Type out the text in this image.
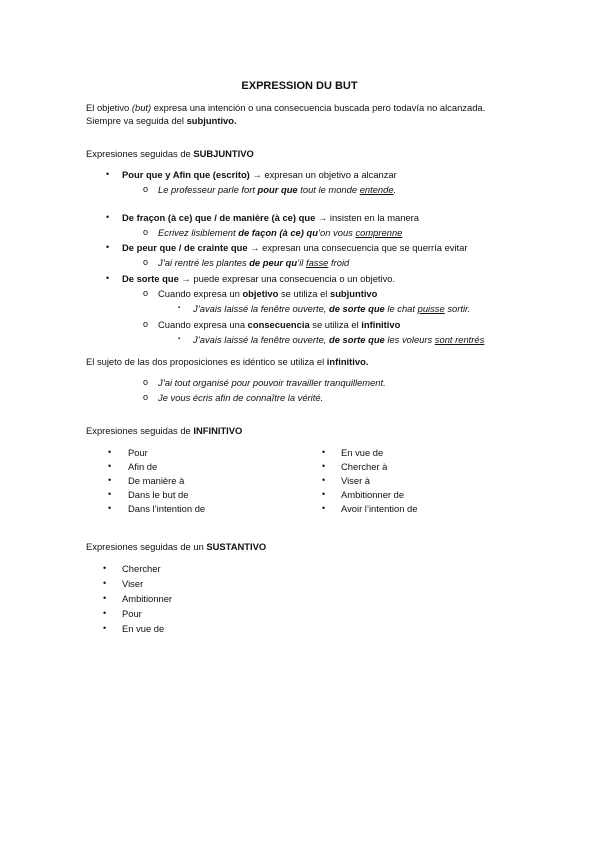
EXPRESSION DU BUT
El objetivo (but) expresa una intención o una consecuencia buscada pero todavía no alcanzada.
Siempre va seguida del subjuntivo.
Expresiones seguidas de SUBJUNTIVO
• Pour que y Afin que (escrito) → expresan un objetivo a alcanzar
o Le professeur parle fort pour que tout le monde entende.
• De fraçon (à ce) que / de manière (à ce) que → insisten en la manera
o Ecrivez lisiblement de façon (à ce) qu’on vous comprenne
• De peur que / de crainte que → expresan una consecuencia que se querría evitar
o J’ai rentré les plantes de peur qu’il fasse froid
• De sorte que → puede expresar una consecuencia o un objetivo.
o Cuando expresa un objetivo se utiliza el subjuntivo
▪ J’avais laissé la fenêtre ouverte, de sorte que le chat puisse sortir.
o Cuando expresa una consecuencia se utiliza el infinitivo
▪ J’avais laissé la fenêtre ouverte, de sorte que les voleurs sont rentrés
El sujeto de las dos proposiciones es idéntico se utiliza el infinitivo.
o J’ai tout organisé pour pouvoir travailler tranquillement.
o Je vous écris afin de connaître la vérité.
Expresiones seguidas de INFINITIVO
• Pour
• Afin de
• De manière à
• Dans le but de
• Dans l’intention de
• En vue de
• Chercher à
• Viser à
• Ambitionner de
• Avoir l’intention de
Expresiones seguidas de un SUSTANTIVO
• Chercher
• Viser
• Ambitionner
• Pour
• En vue de
